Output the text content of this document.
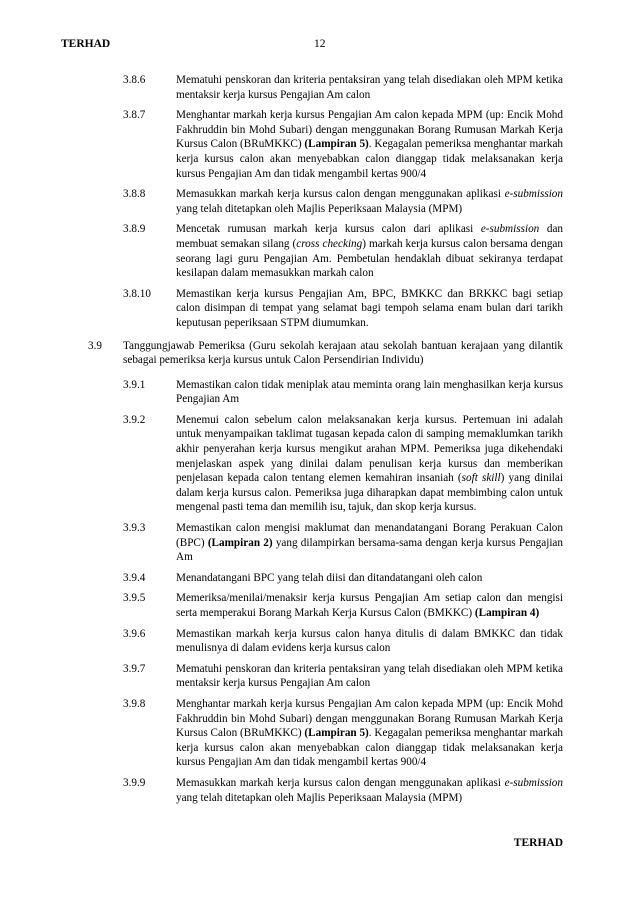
TERHAD	12
3.8.6	Mematuhi penskoran dan kriteria pentaksiran yang telah disediakan oleh MPM ketika mentaksir kerja kursus Pengajian Am calon
3.8.7	Menghantar markah kerja kursus Pengajian Am calon kepada MPM (up: Encik Mohd Fakhruddin bin Mohd Subari) dengan menggunakan Borang Rumusan Markah Kerja Kursus Calon (BRuMKKC) (Lampiran 5). Kegagalan pemeriksa menghantar markah kerja kursus calon akan menyebabkan calon dianggap tidak melaksanakan kerja kursus Pengajian Am dan tidak mengambil kertas 900/4
3.8.8	Memasukkan markah kerja kursus calon dengan menggunakan aplikasi e-submission yang telah ditetapkan oleh Majlis Peperiksaan Malaysia (MPM)
3.8.9	Mencetak rumusan markah kerja kursus calon dari aplikasi e-submission dan membuat semakan silang (cross checking) markah kerja kursus calon bersama dengan seorang lagi guru Pengajian Am. Pembetulan hendaklah dibuat sekiranya terdapat kesilapan dalam memasukkan markah calon
3.8.10	Memastikan kerja kursus Pengajian Am, BPC, BMKKC dan BRKKC bagi setiap calon disimpan di tempat yang selamat bagi tempoh selama enam bulan dari tarikh keputusan peperiksaan STPM diumumkan.
3.9	Tanggungjawab Pemeriksa (Guru sekolah kerajaan atau sekolah bantuan kerajaan yang dilantik sebagai pemeriksa kerja kursus untuk Calon Persendirian Individu)
3.9.1	Memastikan calon tidak meniplak atau meminta orang lain menghasilkan kerja kursus Pengajian Am
3.9.2	Menemui calon sebelum calon melaksanakan kerja kursus. Pertemuan ini adalah untuk menyampaikan taklimat tugasan kepada calon di samping memaklumkan tarikh akhir penyerahan kerja kursus mengikut arahan MPM. Pemeriksa juga dikehendaki menjelaskan aspek yang dinilai dalam penulisan kerja kursus dan memberikan penjelasan kepada calon tentang elemen kemahiran insaniah (soft skill) yang dinilai dalam kerja kursus calon. Pemeriksa juga diharapkan dapat membimbing calon untuk mengenal pasti tema dan memilih isu, tajuk, dan skop kerja kursus.
3.9.3	Memastikan calon mengisi maklumat dan menandatangani Borang Perakuan Calon (BPC) (Lampiran 2) yang dilampirkan bersama-sama dengan kerja kursus Pengajian Am
3.9.4	Menandatangani BPC yang telah diisi dan ditandatangani oleh calon
3.9.5	Memeriksa/menilai/menaksir kerja kursus Pengajian Am setiap calon dan mengisi serta memperakui Borang Markah Kerja Kursus Calon (BMKKC) (Lampiran 4)
3.9.6	Memastikan markah kerja kursus calon hanya ditulis di dalam BMKKC dan tidak menulisnya di dalam evidens kerja kursus calon
3.9.7	Mematuhi penskoran dan kriteria pentaksiran yang telah disediakan oleh MPM ketika mentaksir kerja kursus Pengajian Am calon
3.9.8	Menghantar markah kerja kursus Pengajian Am calon kepada MPM (up: Encik Mohd Fakhruddin bin Mohd Subari) dengan menggunakan Borang Rumusan Markah Kerja Kursus Calon (BRuMKKC) (Lampiran 5). Kegagalan pemeriksa menghantar markah kerja kursus calon akan menyebabkan calon dianggap tidak melaksanakan kerja kursus Pengajian Am dan tidak mengambil kertas 900/4
3.9.9	Memasukkan markah kerja kursus calon dengan menggunakan aplikasi e-submission yang telah ditetapkan oleh Majlis Peperiksaan Malaysia (MPM)
TERHAD
